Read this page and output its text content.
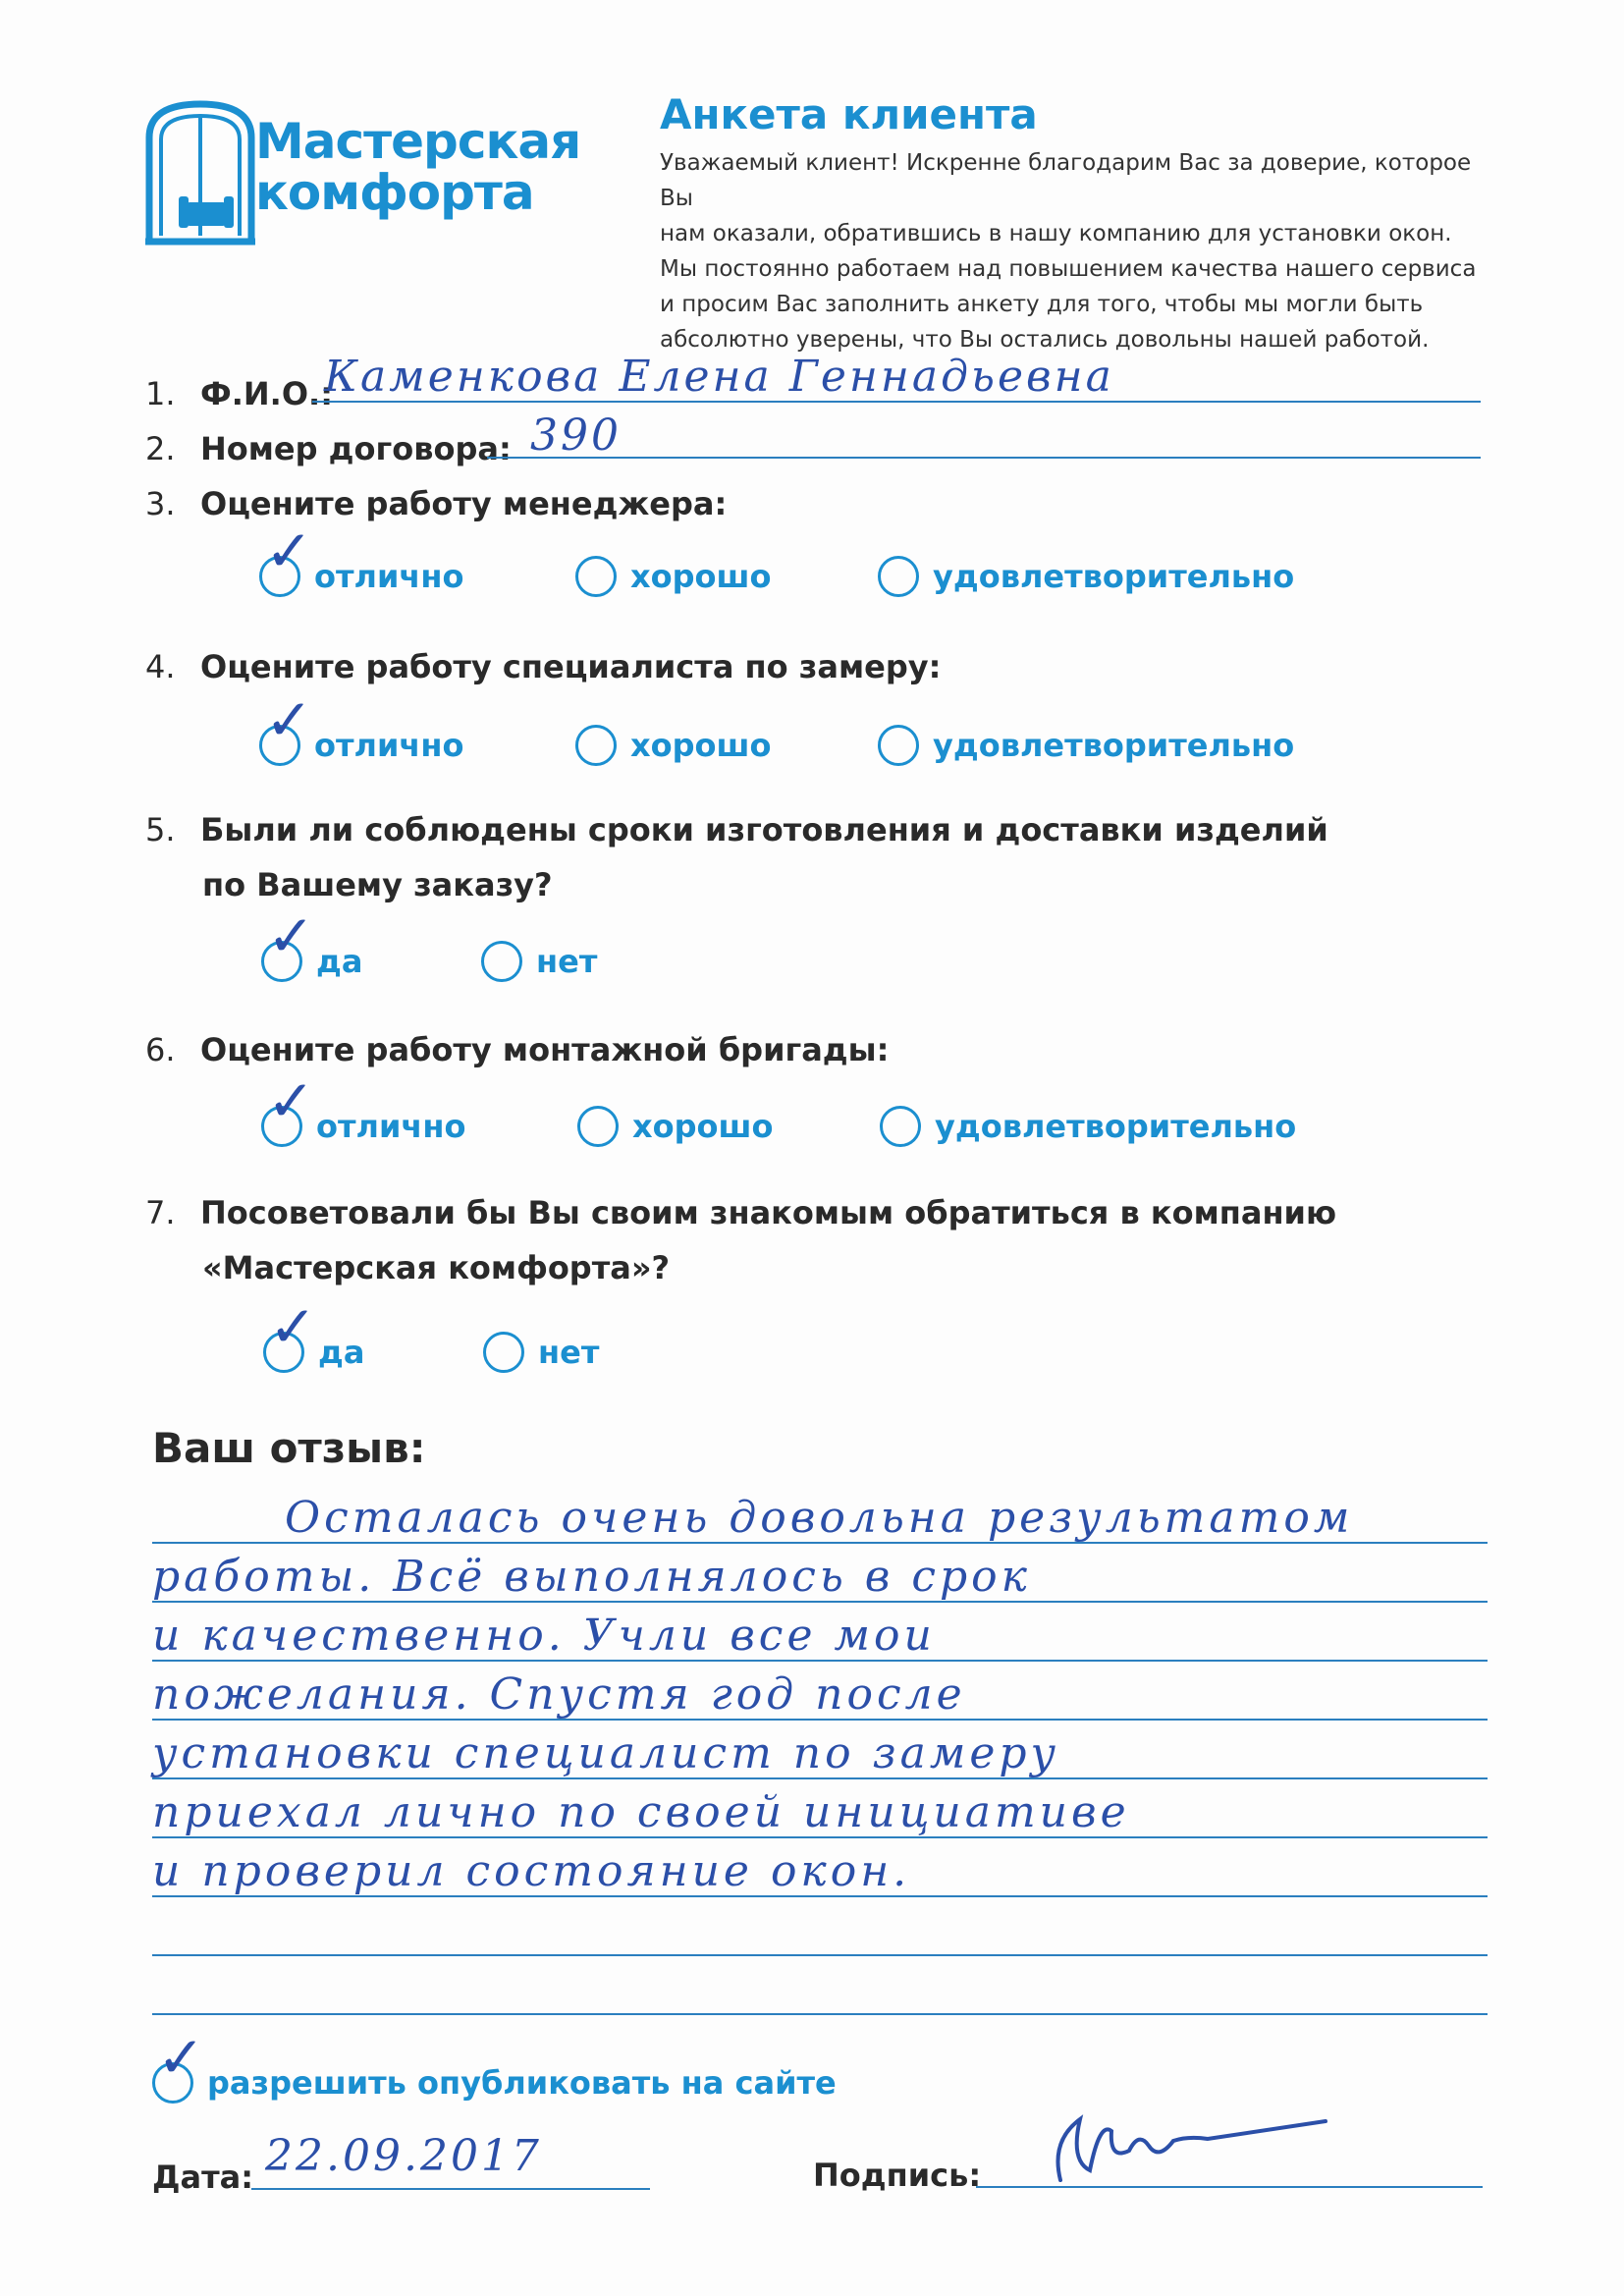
Мастерская
комфорта
Анкета клиента
Уважаемый клиент! Искренне благодарим Вас за доверие, которое Вы
нам оказали, обратившись в нашу компанию для установки окон.
Мы постоянно работаем над повышением качества нашего сервиса
и просим Вас заполнить анкету для того, чтобы мы могли быть
абсолютно уверены, что Вы остались довольны нашей работой.
1. Ф.И.О.:
Каменкова Елена Геннадьевна
2. Номер договора: 390
3. Оцените работу менеджера:
отлично
✓	хорошо	удовлетворительно
4. Оцените работу специалиста по замеру:
отлично
✓	хорошо	удовлетворительно
5. Были ли соблюдены сроки изготовления и доставки изделий
по Вашему заказу?
да
✓	нет
6. Оцените работу монтажной бригады:
отлично
✓	хорошо	удовлетворительно
7. Посоветовали бы Вы своим знакомым обратиться в компанию
«Мастерская комфорта»?
да
✓	нет
Ваш отзыв:
Осталась очень довольна результатом
работы. Всё выполнялось в срок
и качественно. Учли все мои
пожелания. Спустя год после
установки специалист по замеру
приехал лично по своей инициативе
и проверил состояние окон.
разрешить опубликовать на сайте
✓
Дата: 22.09.2017	Подпись:
